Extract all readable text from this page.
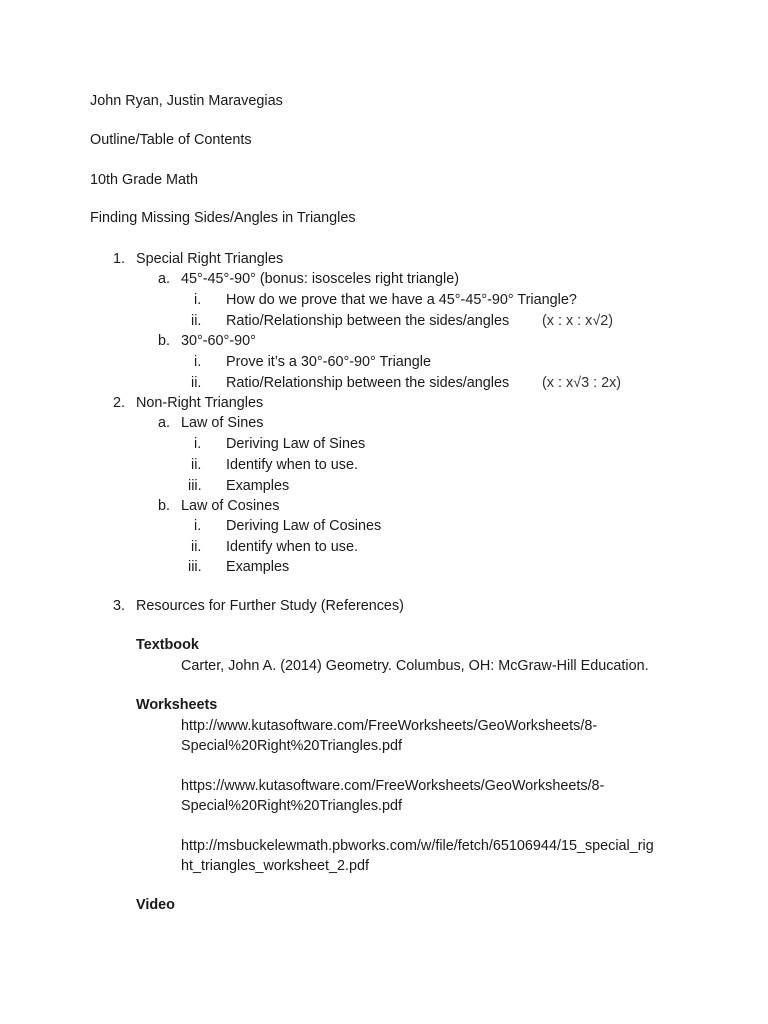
John Ryan, Justin Maravegias
Outline/Table of Contents
10th Grade Math
Finding Missing Sides/Angles in Triangles
1. Special Right Triangles
a. 45°-45°-90° (bonus: isosceles right triangle)
i. How do we prove that we have a 45°-45°-90° Triangle?
ii. Ratio/Relationship between the sides/angles (x : x : x√2)
b. 30°-60°-90°
i. Prove it’s a 30°-60°-90° Triangle
ii. Ratio/Relationship between the sides/angles (x : x√3 : 2x)
2. Non-Right Triangles
a. Law of Sines
i. Deriving Law of Sines
ii. Identify when to use.
iii. Examples
b. Law of Cosines
i. Deriving Law of Cosines
ii. Identify when to use.
iii. Examples
3. Resources for Further Study (References)
Textbook
Carter, John A. (2014) Geometry. Columbus, OH: McGraw-Hill Education.
Worksheets
http://www.kutasoftware.com/FreeWorksheets/GeoWorksheets/8-
Special%20Right%20Triangles.pdf
https://www.kutasoftware.com/FreeWorksheets/GeoWorksheets/8-
Special%20Right%20Triangles.pdf
http://msbuckelewmath.pbworks.com/w/file/fetch/65106944/15_special_rig
ht_triangles_worksheet_2.pdf
Video
